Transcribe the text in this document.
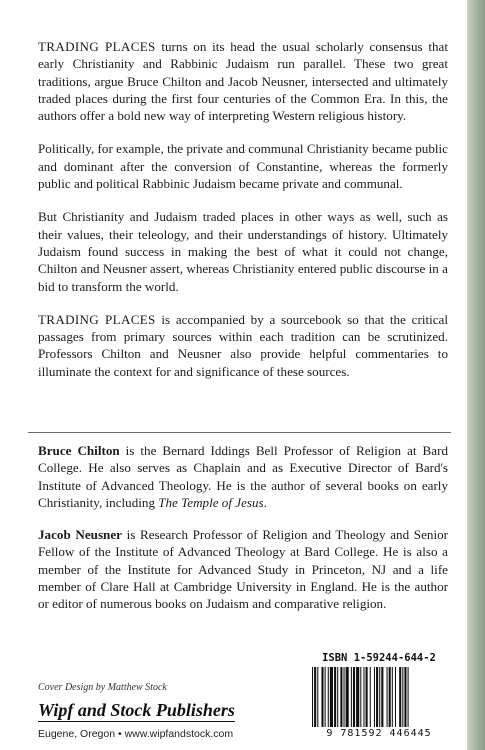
TRADING PLACES turns on its head the usual scholarly consensus that early Christianity and Rabbinic Judaism run parallel. These two great traditions, argue Bruce Chilton and Jacob Neusner, intersected and ultimately traded places during the first four centuries of the Common Era. In this, the authors offer a bold new way of interpreting Western religious history.

Politically, for example, the private and communal Christianity became public and dominant after the conversion of Constantine, whereas the formerly public and political Rabbinic Judaism became private and communal.

But Christianity and Judaism traded places in other ways as well, such as their values, their teleology, and their understandings of history. Ultimately Judaism found success in making the best of what it could not change, Chilton and Neusner assert, whereas Christianity entered public discourse in a bid to transform the world.

TRADING PLACES is accompanied by a sourcebook so that the critical passages from primary sources within each tradition can be scrutinized. Professors Chilton and Neusner also provide helpful commentaries to illuminate the context for and significance of these sources.

Bruce Chilton is the Bernard Iddings Bell Professor of Religion at Bard College. He also serves as Chaplain and as Executive Director of Bard's Institute of Advanced Theology. He is the author of several books on early Christianity, including The Temple of Jesus.

Jacob Neusner is Research Professor of Religion and Theology and Senior Fellow of the Institute of Advanced Theology at Bard College. He is also a member of the Institute for Advanced Study in Princeton, NJ and a life member of Clare Hall at Cambridge University in England. He is the author or editor of numerous books on Judaism and comparative religion.

Cover Design by Matthew Stock
Wipf and Stock Publishers
Eugene, Oregon • www.wipfandstock.com
ISBN 1-59244-644-2
9 781592 446445
